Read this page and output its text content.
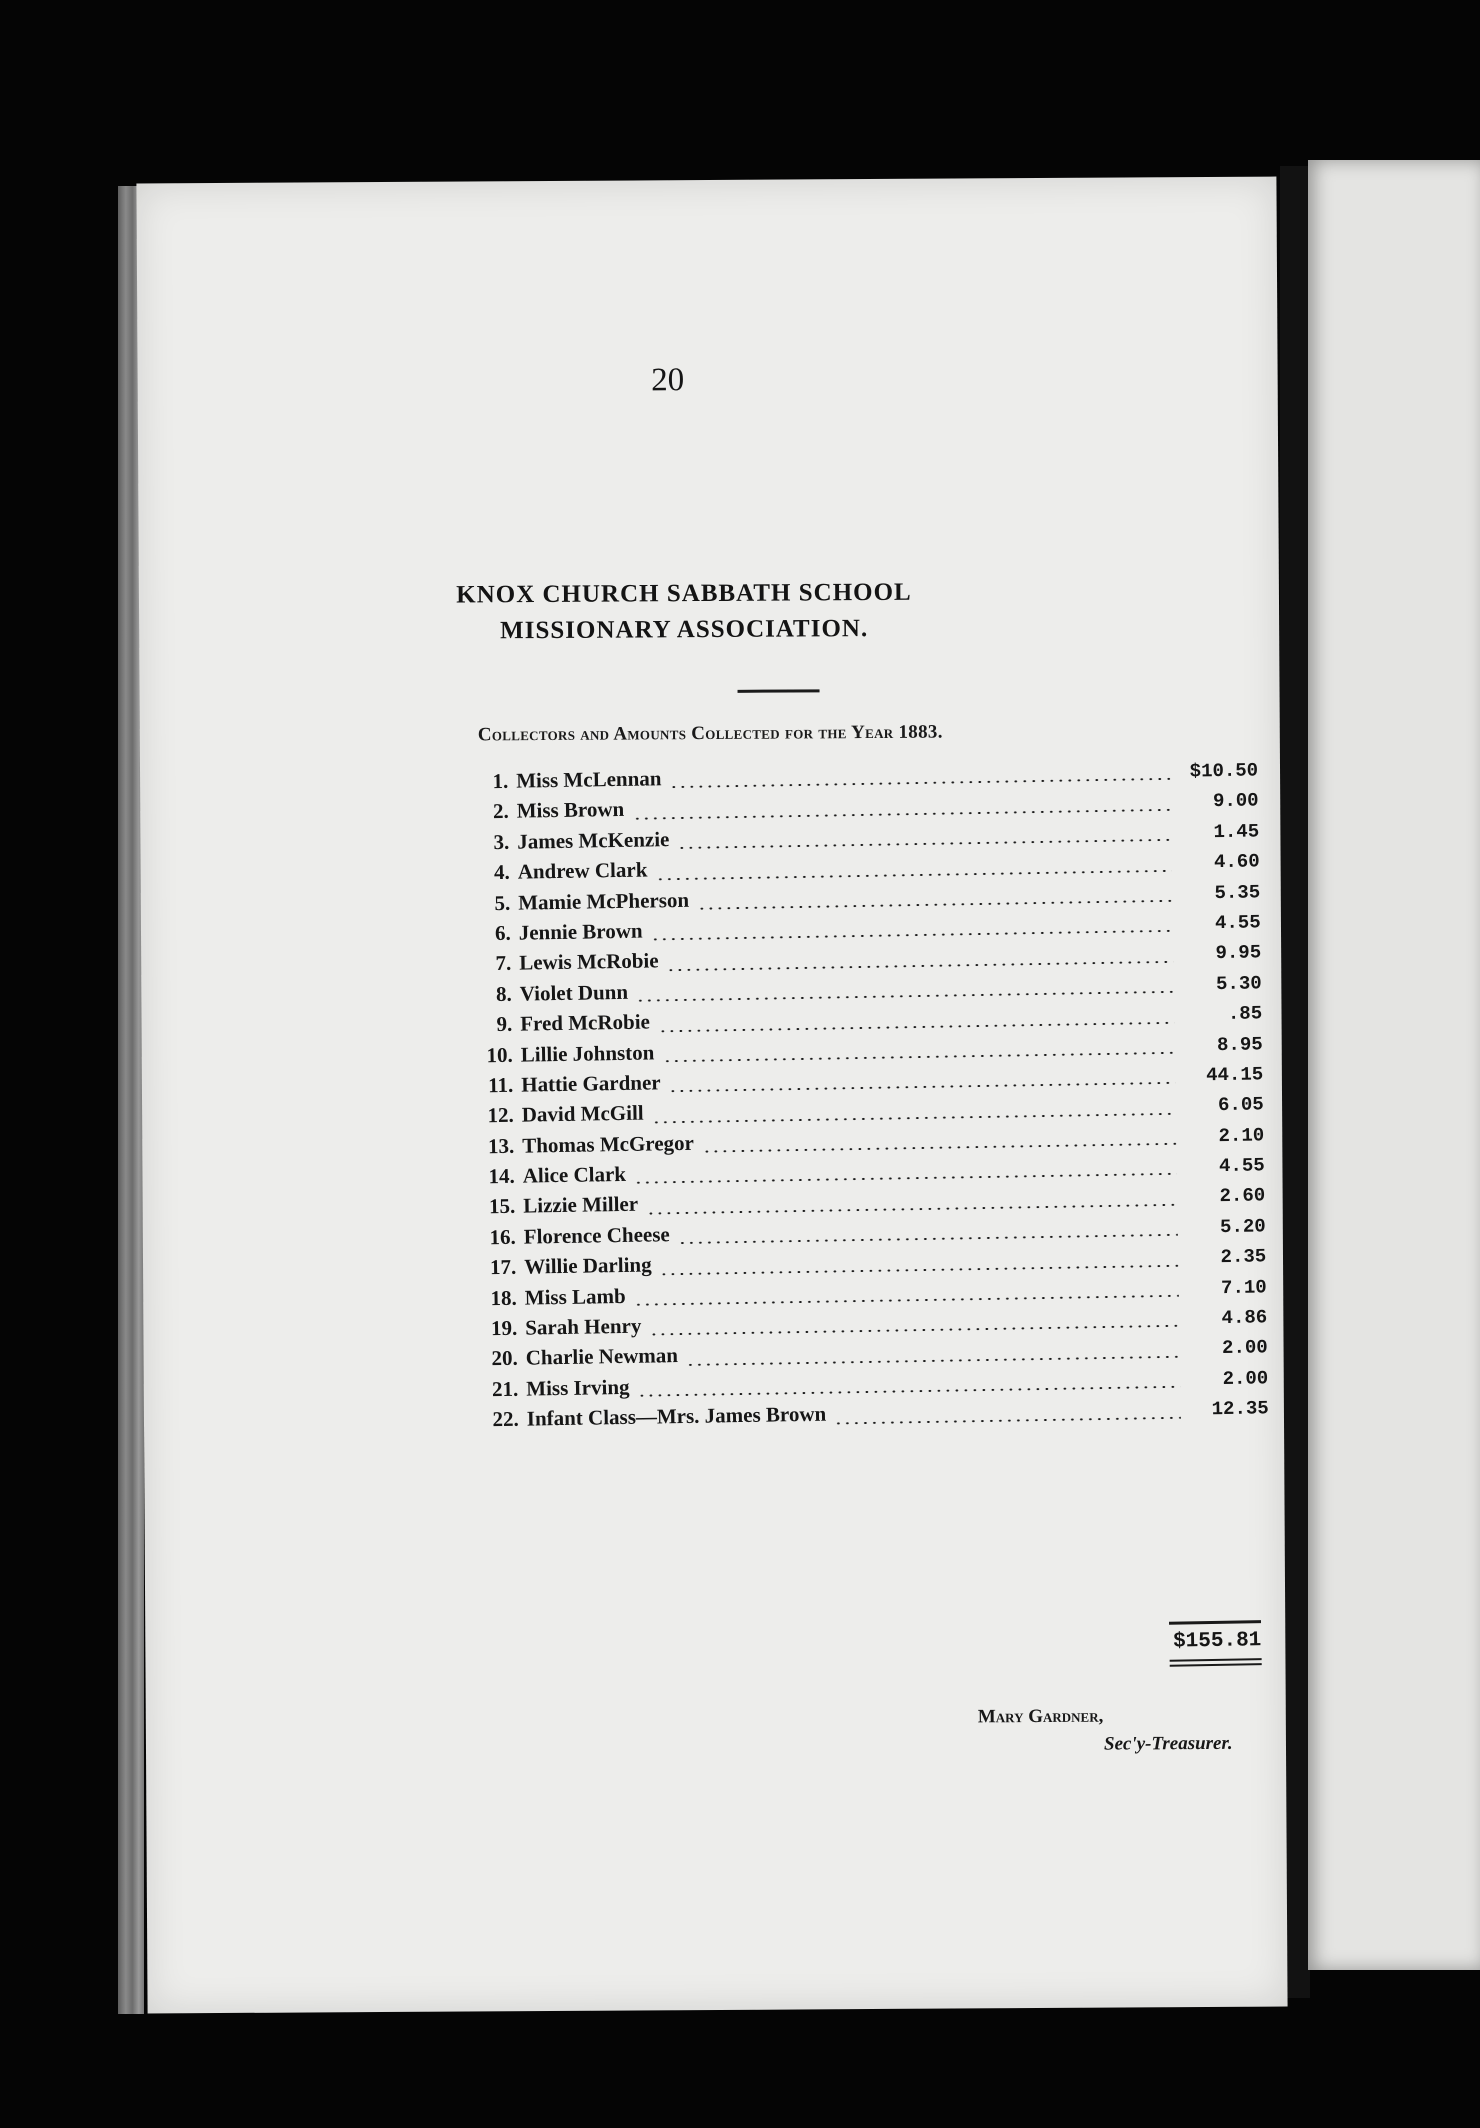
20
KNOX CHURCH SABBATH SCHOOL
MISSIONARY ASSOCIATION.
Collectors and Amounts Collected for the Year 1883.
1. Miss McLennan	$10.50
2. Miss Brown	9.00
3. James McKenzie	1.45
4. Andrew Clark	4.60
5. Mamie McPherson	5.35
6. Jennie Brown	4.55
7. Lewis McRobie	9.95
8. Violet Dunn	5.30
9. Fred McRobie	.85
10. Lillie Johnston	8.95
11. Hattie Gardner	44.15
12. David McGill	6.05
13. Thomas McGregor	2.10
14. Alice Clark	4.55
15. Lizzie Miller	2.60
16. Florence Cheese	5.20
17. Willie Darling	2.35
18. Miss Lamb	7.10
19. Sarah Henry	4.86
20. Charlie Newman	2.00
21. Miss Irving	2.00
22. Infant Class—Mrs. James Brown	12.35
$155.81
Mary Gardner,
Sec'y-Treasurer.
